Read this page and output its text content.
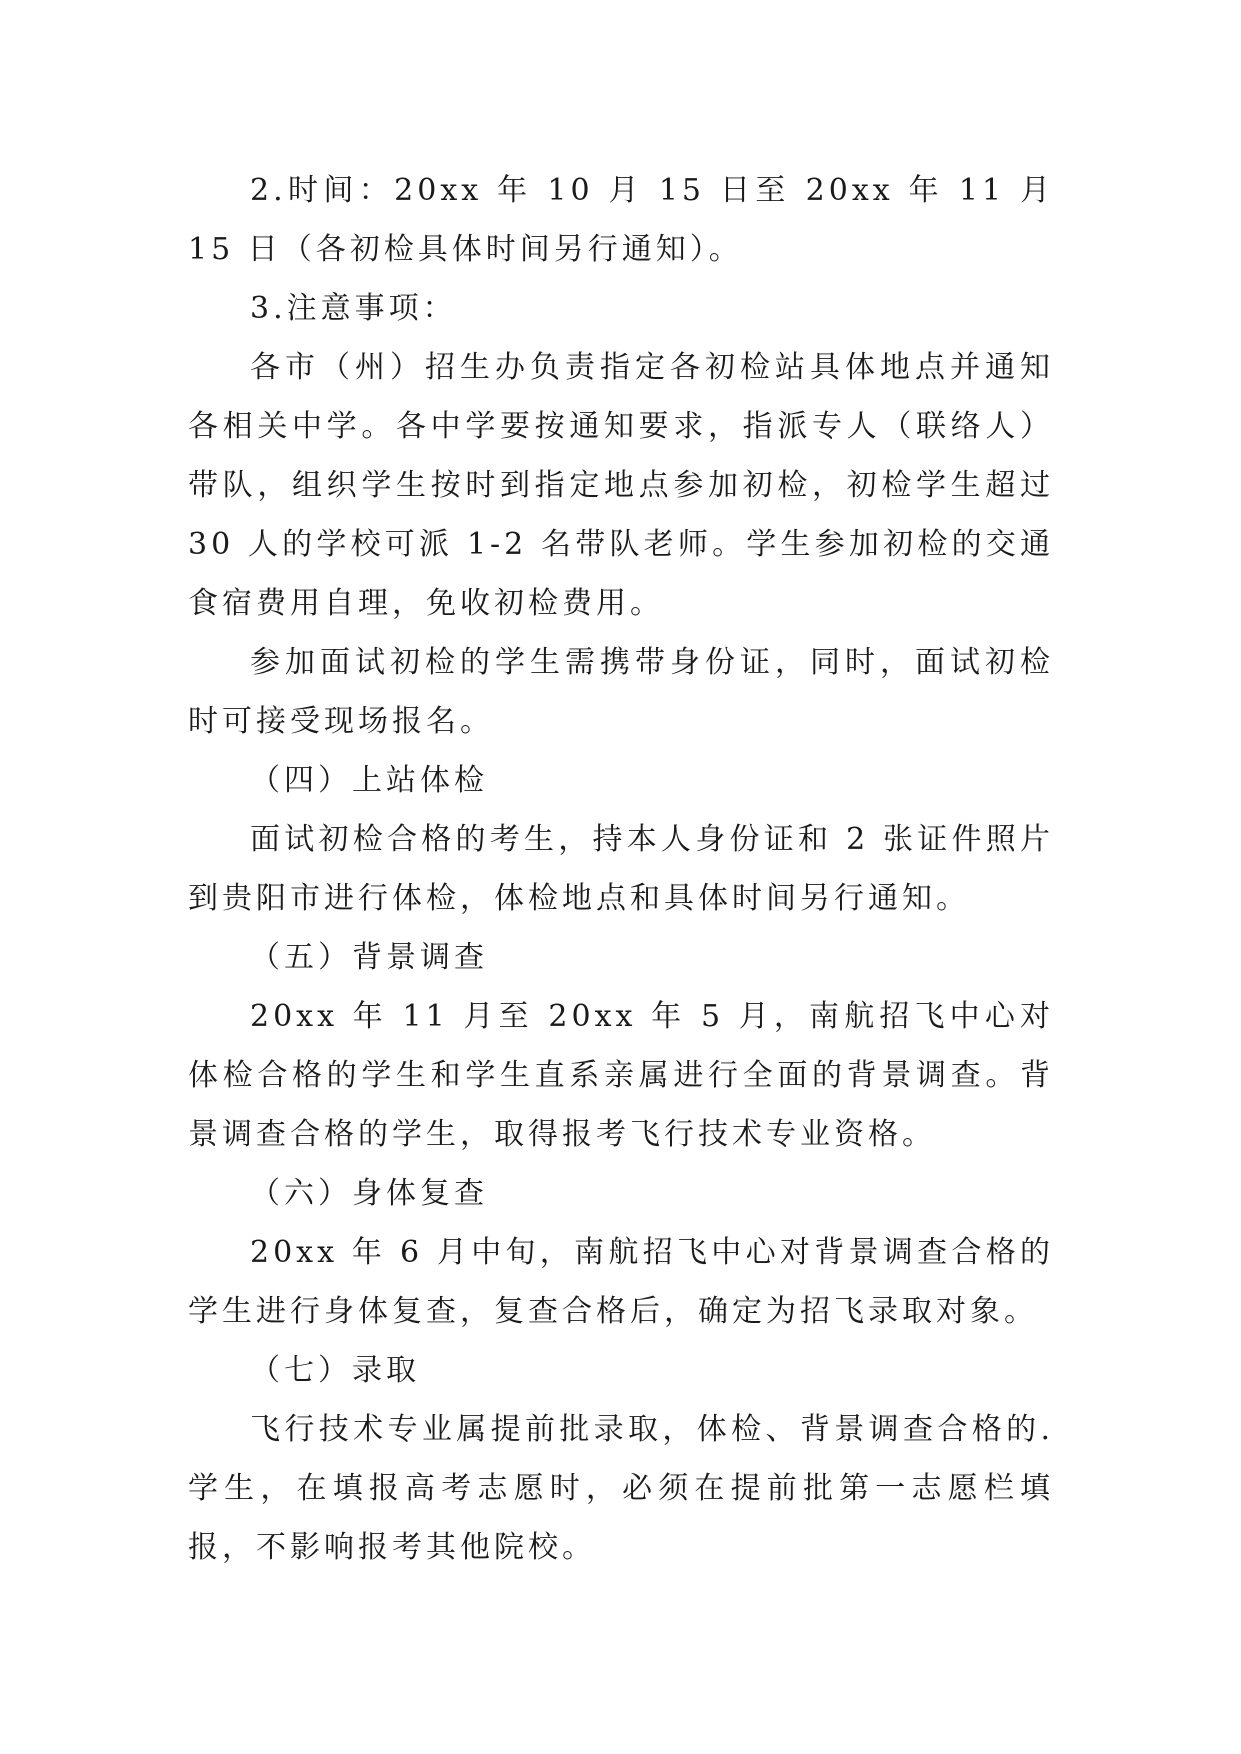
2.时间：20xx 年 10 月 15 日至 20xx 年 11 月 15 日（各初检具体时间另行通知）。

3.注意事项：

各市（州）招生办负责指定各初检站具体地点并通知各相关中学。各中学要按通知要求，指派专人（联络人）带队，组织学生按时到指定地点参加初检，初检学生超过 30 人的学校可派 1-2 名带队老师。学生参加初检的交通食宿费用自理，免收初检费用。

参加面试初检的学生需携带身份证，同时，面试初检时可接受现场报名。

（四）上站体检

面试初检合格的考生，持本人身份证和 2 张证件照片到贵阳市进行体检，体检地点和具体时间另行通知。

（五）背景调查

20xx 年 11 月至 20xx 年 5 月，南航招飞中心对体检合格的学生和学生直系亲属进行全面的背景调查。背景调查合格的学生，取得报考飞行技术专业资格。

（六）身体复查

20xx 年 6 月中旬，南航招飞中心对背景调查合格的学生进行身体复查，复查合格后，确定为招飞录取对象。

（七）录取

飞行技术专业属提前批录取，体检、背景调查合格的.学生，在填报高考志愿时，必须在提前批第一志愿栏填报，不影响报考其他院校。
